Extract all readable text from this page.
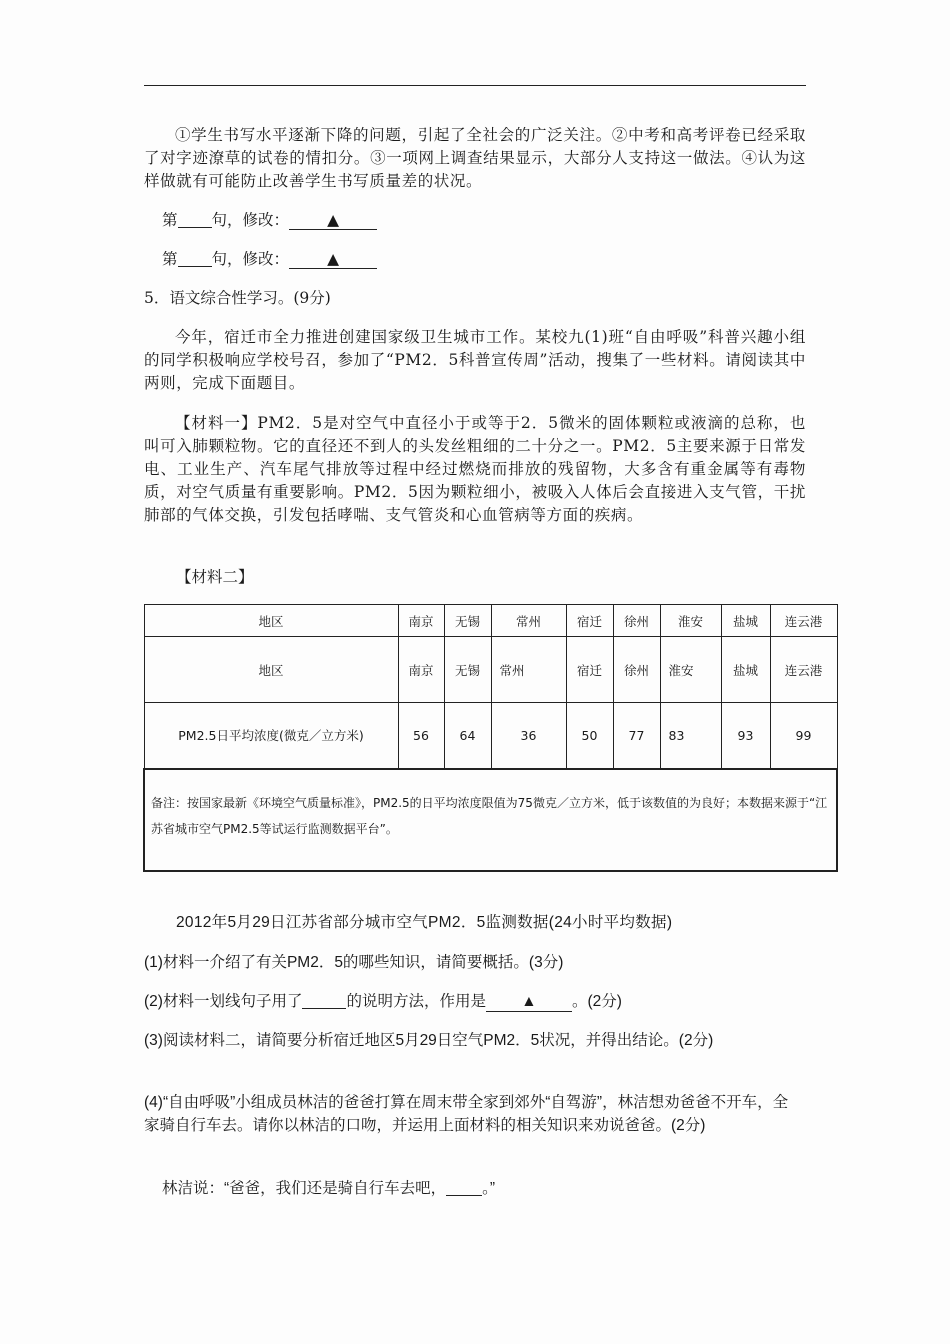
①学生书写水平逐渐下降的问题，引起了全社会的广泛关注。②中考和高考评卷已经采取了对字迹潦草的试卷的情扣分。③一项网上调查结果显示，大部分人支持这一做法。④认为这样做就有可能防止改善学生书写质量差的状况。

第 句，修改： ▲
第 句，修改： ▲
5．语文综合性学习。(9分)

今年，宿迁市全力推进创建国家级卫生城市工作。某校九(1)班“自由呼吸”科普兴趣小组的同学积极响应学校号召，参加了“PM2．5科普宣传周”活动，搜集了一些材料。请阅读其中两则，完成下面题目。

【材料一】PM2．5是对空气中直径小于或等于2．5微米的固体颗粒或液滴的总称，也叫可入肺颗粒物。它的直径还不到人的头发丝粗细的二十分之一。PM2．5主要来源于日常发电、工业生产、汽车尾气排放等过程中经过燃烧而排放的残留物，大多含有重金属等有毒物质，对空气质量有重要影响。PM2．5因为颗粒细小，被吸入人体后会直接进入支气管，干扰肺部的气体交换，引发包括哮喘、支气管炎和心血管病等方面的疾病。

【材料二】
地区	南京	无锡	常州	宿迁	徐州	淮安	盐城	连云港
地区	南京	无锡	常州	宿迁	徐州	淮安	盐城	连云港
PM2.5日平均浓度(微克／立方米)	56	64	36	50	77	83	93	99
备注：按国家最新《环境空气质量标准》，PM2.5的日平均浓度限值为75微克／立方米，低于该数值的为良好；本数据来源于“江苏省城市空气PM2.5等试运行监测数据平台”。								
2012年5月29日江苏省部分城市空气PM2．5监测数据(24小时平均数据)

(1)材料一介绍了有关PM2．5的哪些知识，请简要概括。(3分)

(2)材料一划线句子用了	的说明方法，作用是 ▲ 。(2分)

(3)阅读材料二，请简要分析宿迁地区5月29日空气PM2．5状况，并得出结论。(2分)

(4)“自由呼吸”小组成员林洁的爸爸打算在周末带全家到郊外“自驾游”，林洁想劝爸爸不开车，全家骑自行车去。请你以林洁的口吻，并运用上面材料的相关知识来劝说爸爸。(2分)

林洁说：“爸爸，我们还是骑自行车去吧， 。”
